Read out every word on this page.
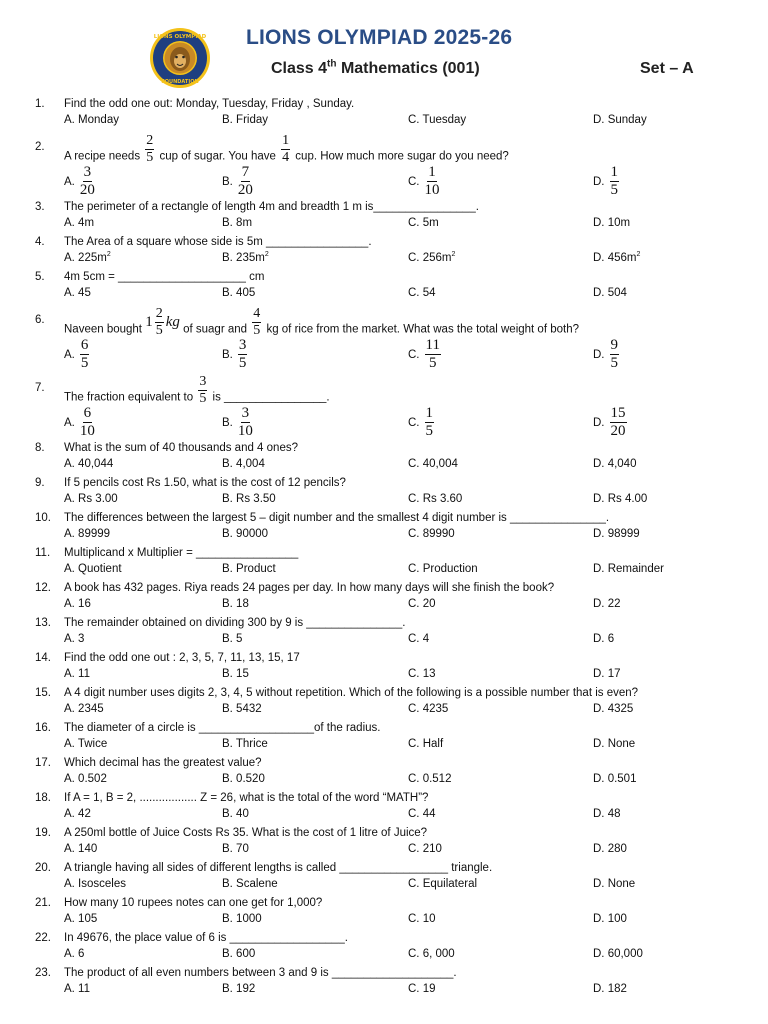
LIONS OLYMPIAD
FOUNDATION
LIONS OLYMPIAD 2025-26
Class 4th Mathematics (001)	Set – A
1.	Find the odd one out: Monday, Tuesday, Friday , Sunday.
A. Monday	B. Friday	C. Tuesday	D. Sunday
2.
A recipe needs $\frac{2}{5}$ cup of sugar. You have $\frac{1}{4}$ cup. How much more sugar do you need?
A. $\frac{3}{20}$	B. $\frac{7}{20}$	C. $\frac{1}{10}$	D. $\frac{1}{5}$
3.	The perimeter of a rectangle of length 4m and breadth 1 m is________________.
A. 4m	B. 8m	C. 5m	D. 10m
4.	The Area of a square whose side is 5m ________________.
A. $225m^2$	B. $235m^2$	C. $256m^2$	D. $456m^2$
5.	4m 5cm = ____________________ cm
A. 45	B. 405	C. 54	D. 504
6.
Naveen bought $1 \frac{2}{5}$ kg of suagr and $\frac{4}{5}$ kg of rice from the market. What was the total weight of both?
A. $\frac{6}{5}$	B. $\frac{3}{5}$	C. $\frac{11}{5}$	D. $\frac{9}{5}$
7.
The fraction equivalent to $\frac{3}{5}$ is ________________.
A. $\frac{6}{10}$	B. $\frac{3}{10}$	C. $\frac{1}{5}$	D. $\frac{15}{20}$
8.	What is the sum of 40 thousands and 4 ones?
A. 40,044	B. 4,004	C. 40,004	D. 4,040
9.	If 5 pencils cost Rs 1.50, what is the cost of 12 pencils?
A. Rs 3.00	B. Rs 3.50	C. Rs 3.60	D. Rs 4.00
10.	The differences between the largest 5 – digit number and the smallest 4 digit number is _______________.
A. 89999	B. 90000	C. 89990	D. 98999
11.	Multiplicand x Multiplier = ________________
A. Quotient	B. Product	C. Production	D. Remainder
12.	A book has 432 pages. Riya reads 24 pages per day. In how many days will she finish the book?
A. 16	B. 18	C. 20	D. 22
13.	The remainder obtained on dividing 300 by 9 is _______________.
A. 3	B. 5	C. 4	D. 6
14.	Find the odd one out : 2, 3, 5, 7, 11, 13, 15, 17
A. 11	B. 15	C. 13	D. 17
15.	A 4 digit number uses digits 2, 3, 4, 5 without repetition. Which of the following is a possible number that is even?
A. 2345	B. 5432	C. 4235	D. 4325
16.	The diameter of a circle is __________________of the radius.
A. Twice	B. Thrice	C. Half	D. None
17.	Which decimal has the greatest value?
A. 0.502	B. 0.520	C. 0.512	D. 0.501
18.	If A = 1, B = 2, .................. Z = 26, what is the total of the word “MATH”?
A. 42	B. 40	C. 44	D. 48
19.	A 250ml bottle of Juice Costs Rs 35. What is the cost of 1 litre of Juice?
A. 140	B. 70	C. 210	D. 280
20.	A triangle having all sides of different lengths is called _________________ triangle.
A. Isosceles	B. Scalene	C. Equilateral	D. None
21.	How many 10 rupees notes can one get for 1,000?
A. 105	B. 1000	C. 10	D. 100
22.	In 49676, the place value of 6 is __________________.
A. 6	B. 600	C. 6, 000	D. 60,000
23.	The product of all even numbers between 3 and 9 is ___________________.
A. 11	B. 192	C. 19	D. 182
